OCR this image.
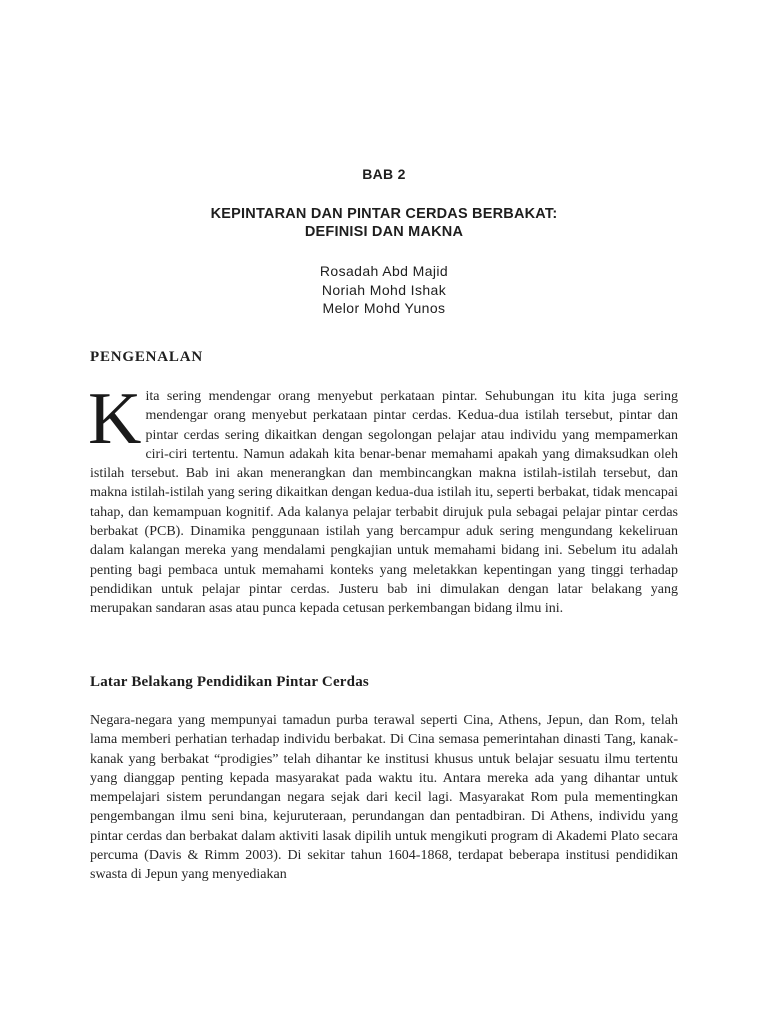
BAB 2
KEPINTARAN DAN PINTAR CERDAS BERBAKAT:
DEFINISI DAN MAKNA
Rosadah Abd Majid
Noriah Mohd Ishak
Melor Mohd Yunos
PENGENALAN
K ita sering mendengar orang menyebut perkataan pintar. Sehubungan itu kita juga sering mendengar orang menyebut perkataan pintar cerdas. Kedua-dua istilah tersebut, pintar dan pintar cerdas sering dikaitkan dengan segolongan pelajar atau individu yang mempamerkan ciri-ciri tertentu. Namun adakah kita benar-benar memahami apakah yang dimaksudkan oleh istilah tersebut. Bab ini akan menerangkan dan membincangkan makna istilah-istilah tersebut, dan makna istilah-istilah yang sering dikaitkan dengan kedua-dua istilah itu, seperti berbakat, tidak mencapai tahap, dan kemampuan kognitif. Ada kalanya pelajar terbabit dirujuk pula sebagai pelajar pintar cerdas berbakat (PCB). Dinamika penggunaan istilah yang bercampur aduk sering mengundang kekeliruan dalam kalangan mereka yang mendalami pengkajian untuk memahami bidang ini. Sebelum itu adalah penting bagi pembaca untuk memahami konteks yang meletakkan kepentingan yang tinggi terhadap pendidikan untuk pelajar pintar cerdas. Justeru bab ini dimulakan dengan latar belakang yang merupakan sandaran asas atau punca kepada cetusan perkembangan bidang ilmu ini.
Latar Belakang Pendidikan Pintar Cerdas
Negara-negara yang mempunyai tamadun purba terawal seperti Cina, Athens, Jepun, dan Rom, telah lama memberi perhatian terhadap individu berbakat. Di Cina semasa pemerintahan dinasti Tang, kanak-kanak yang berbakat “prodigies” telah dihantar ke institusi khusus untuk belajar sesuatu ilmu tertentu yang dianggap penting kepada masyarakat pada waktu itu. Antara mereka ada yang dihantar untuk mempelajari sistem perundangan negara sejak dari kecil lagi. Masyarakat Rom pula mementingkan pengembangan ilmu seni bina, kejuruteraan, perundangan dan pentadbiran. Di Athens, individu yang pintar cerdas dan berbakat dalam aktiviti lasak dipilih untuk mengikuti program di Akademi Plato secara percuma (Davis & Rimm 2003). Di sekitar tahun 1604-1868, terdapat beberapa institusi pendidikan swasta di Jepun yang menyediakan
